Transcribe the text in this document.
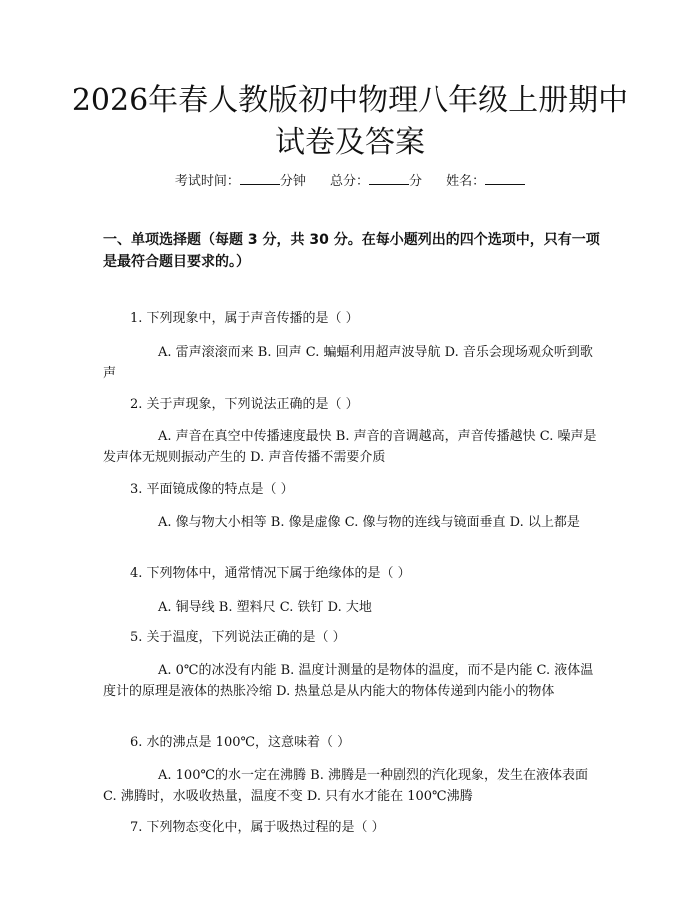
2026年春人教版初中物理八年级上册期中试卷及答案
考试时间：	分钟 总分：	分 姓名：
一、单项选择题（每题 3 分，共 30 分。在每小题列出的四个选项中，只有一项是最符合题目要求的。）
1. 下列现象中，属于声音传播的是（ ）
A. 雷声滚滚而来 B. 回声 C. 蝙蝠利用超声波导航 D. 音乐会现场观众听到歌声
2. 关于声现象，下列说法正确的是（ ）
A. 声音在真空中传播速度最快 B. 声音的音调越高，声音传播越快 C. 噪声是发声体无规则振动产生的 D. 声音传播不需要介质
3. 平面镜成像的特点是（ ）
A. 像与物大小相等 B. 像是虚像 C. 像与物的连线与镜面垂直 D. 以上都是
4. 下列物体中，通常情况下属于绝缘体的是（ ）
A. 铜导线 B. 塑料尺 C. 铁钉 D. 大地
5. 关于温度，下列说法正确的是（ ）
A. 0℃的冰没有内能 B. 温度计测量的是物体的温度，而不是内能 C. 液体温度计的原理是液体的热胀冷缩 D. 热量总是从内能大的物体传递到内能小的物体
6. 水的沸点是 100℃，这意味着（ ）
A. 100℃的水一定在沸腾 B. 沸腾是一种剧烈的汽化现象，发生在液体表面 C. 沸腾时，水吸收热量，温度不变 D. 只有水才能在 100℃沸腾
7. 下列物态变化中，属于吸热过程的是（ ）
